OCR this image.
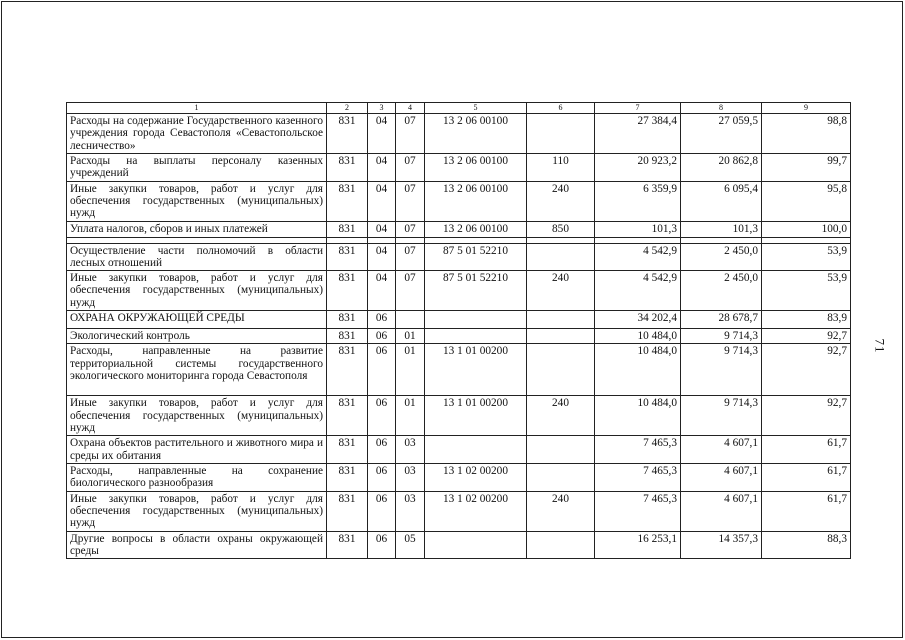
71
1	2	3	4	5	6	7	8	9
Расходы на содержание Государственного казенного учреждения города Севастополя «Севастопольское лесничество»	831	04	07	13 2 06 00100		27 384,4	27 059,5	98,8
Расходы на выплаты персоналу казенных учреждений	831	04	07	13 2 06 00100	110	20 923,2	20 862,8	99,7
Иные закупки товаров, работ и услуг для обеспечения государственных (муниципальных) нужд	831	04	07	13 2 06 00100	240	6 359,9	6 095,4	95,8
Уплата налогов, сборов и иных платежей	831	04	07	13 2 06 00100	850	101,3	101,3	100,0

Осуществление части полномочий в области лесных отношений	831	04	07	87 5 01 52210		4 542,9	2 450,0	53,9
Иные закупки товаров, работ и услуг для обеспечения государственных (муниципальных) нужд	831	04	07	87 5 01 52210	240	4 542,9	2 450,0	53,9
ОХРАНА ОКРУЖАЮЩЕЙ СРЕДЫ	831	06				34 202,4	28 678,7	83,9
Экологический контроль	831	06	01			10 484,0	9 714,3	92,7
Расходы, направленные на развитие территориальной системы государственного экологического мониторинга города Севастополя	831	06	01	13 1 01 00200		10 484,0	9 714,3	92,7
Иные закупки товаров, работ и услуг для обеспечения государственных (муниципальных) нужд	831	06	01	13 1 01 00200	240	10 484,0	9 714,3	92,7
Охрана объектов растительного и животного мира и среды их обитания	831	06	03			7 465,3	4 607,1	61,7
Расходы, направленные на сохранение биологического разнообразия	831	06	03	13 1 02 00200		7 465,3	4 607,1	61,7
Иные закупки товаров, работ и услуг для обеспечения государственных (муниципальных) нужд	831	06	03	13 1 02 00200	240	7 465,3	4 607,1	61,7
Другие вопросы в области охраны окружающей среды	831	06	05			16 253,1	14 357,3	88,3
